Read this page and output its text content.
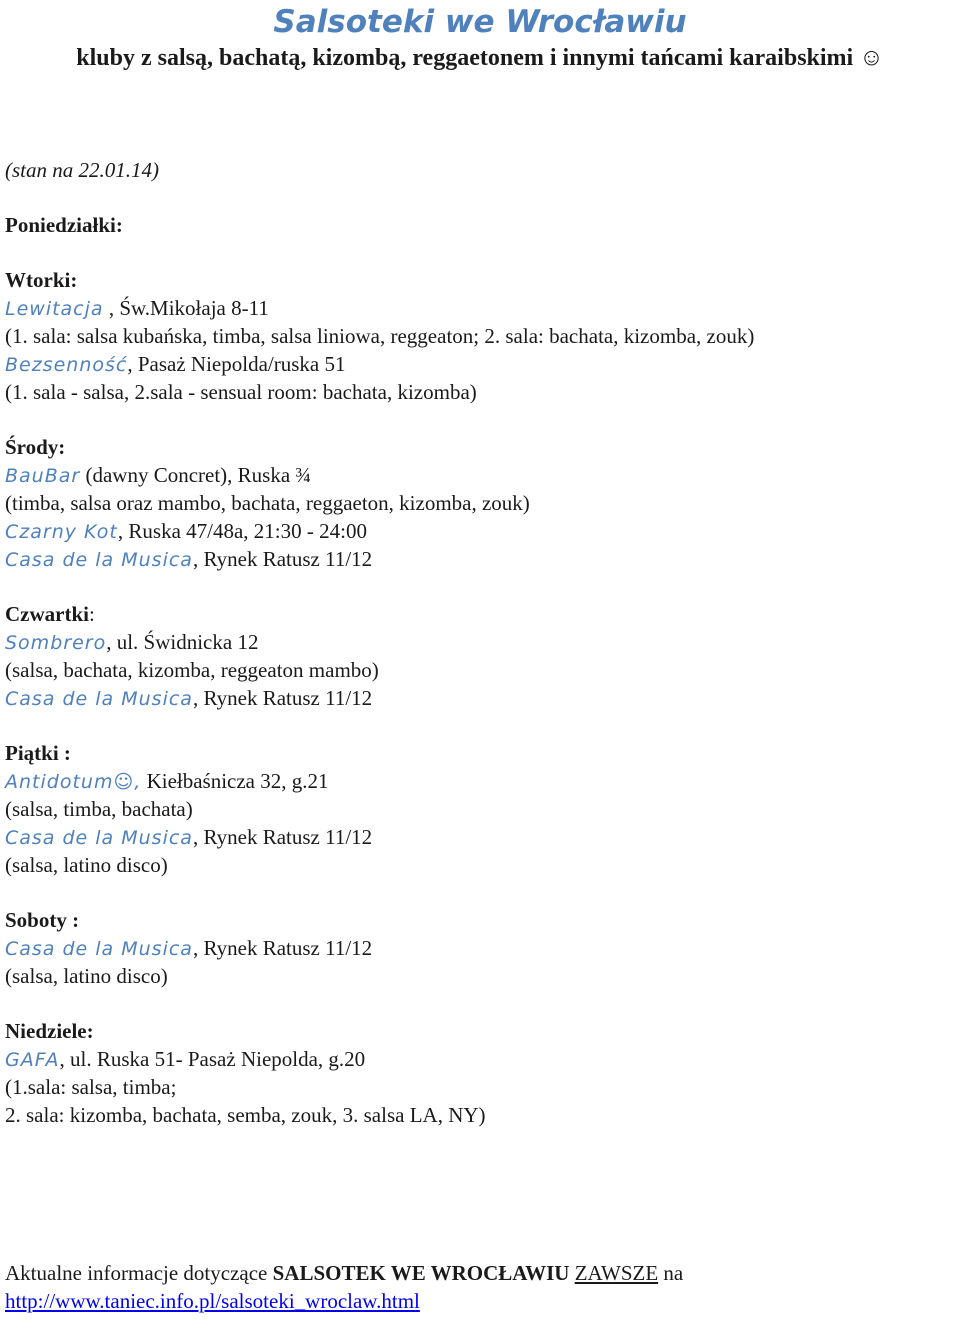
Salsoteki we Wrocławiu

kluby z salsą, bachatą, kizombą, reggaetonem i innymi tańcami karaibskimi ☺

(stan na 22.01.14)
Poniedziałki:
Wtorki:
Lewitacja , Św.Mikołaja 8-11
(1. sala: salsa kubańska, timba, salsa liniowa, reggeaton; 2. sala: bachata, kizomba, zouk)
Bezsenność, Pasaż Niepolda/ruska 51
(1. sala - salsa, 2.sala - sensual room: bachata, kizomba)
Środy:
BauBar (dawny Concret), Ruska ¾
(timba, salsa oraz mambo, bachata, reggaeton, kizomba, zouk)
Czarny Kot, Ruska 47/48a, 21:30 - 24:00
Casa de la Musica, Rynek Ratusz 11/12
Czwartki:
Sombrero, ul. Świdnicka 12
(salsa, bachata, kizomba, reggeaton mambo)
Casa de la Musica, Rynek Ratusz 11/12
Piątki :
Antidotum☺, Kiełbaśnicza 32, g.21
(salsa, timba, bachata)
Casa de la Musica, Rynek Ratusz 11/12
(salsa, latino disco)
Soboty :
Casa de la Musica, Rynek Ratusz 11/12
(salsa, latino disco)
Niedziele:
GAFA, ul. Ruska 51- Pasaż Niepolda, g.20
(1.sala: salsa, timba;
2. sala: kizomba, bachata, semba, zouk, 3. salsa LA, NY)
Aktualne informacje dotyczące SALSOTEK WE WROCŁAWIU ZAWSZE na
http://www.taniec.info.pl/salsoteki_wroclaw.html
